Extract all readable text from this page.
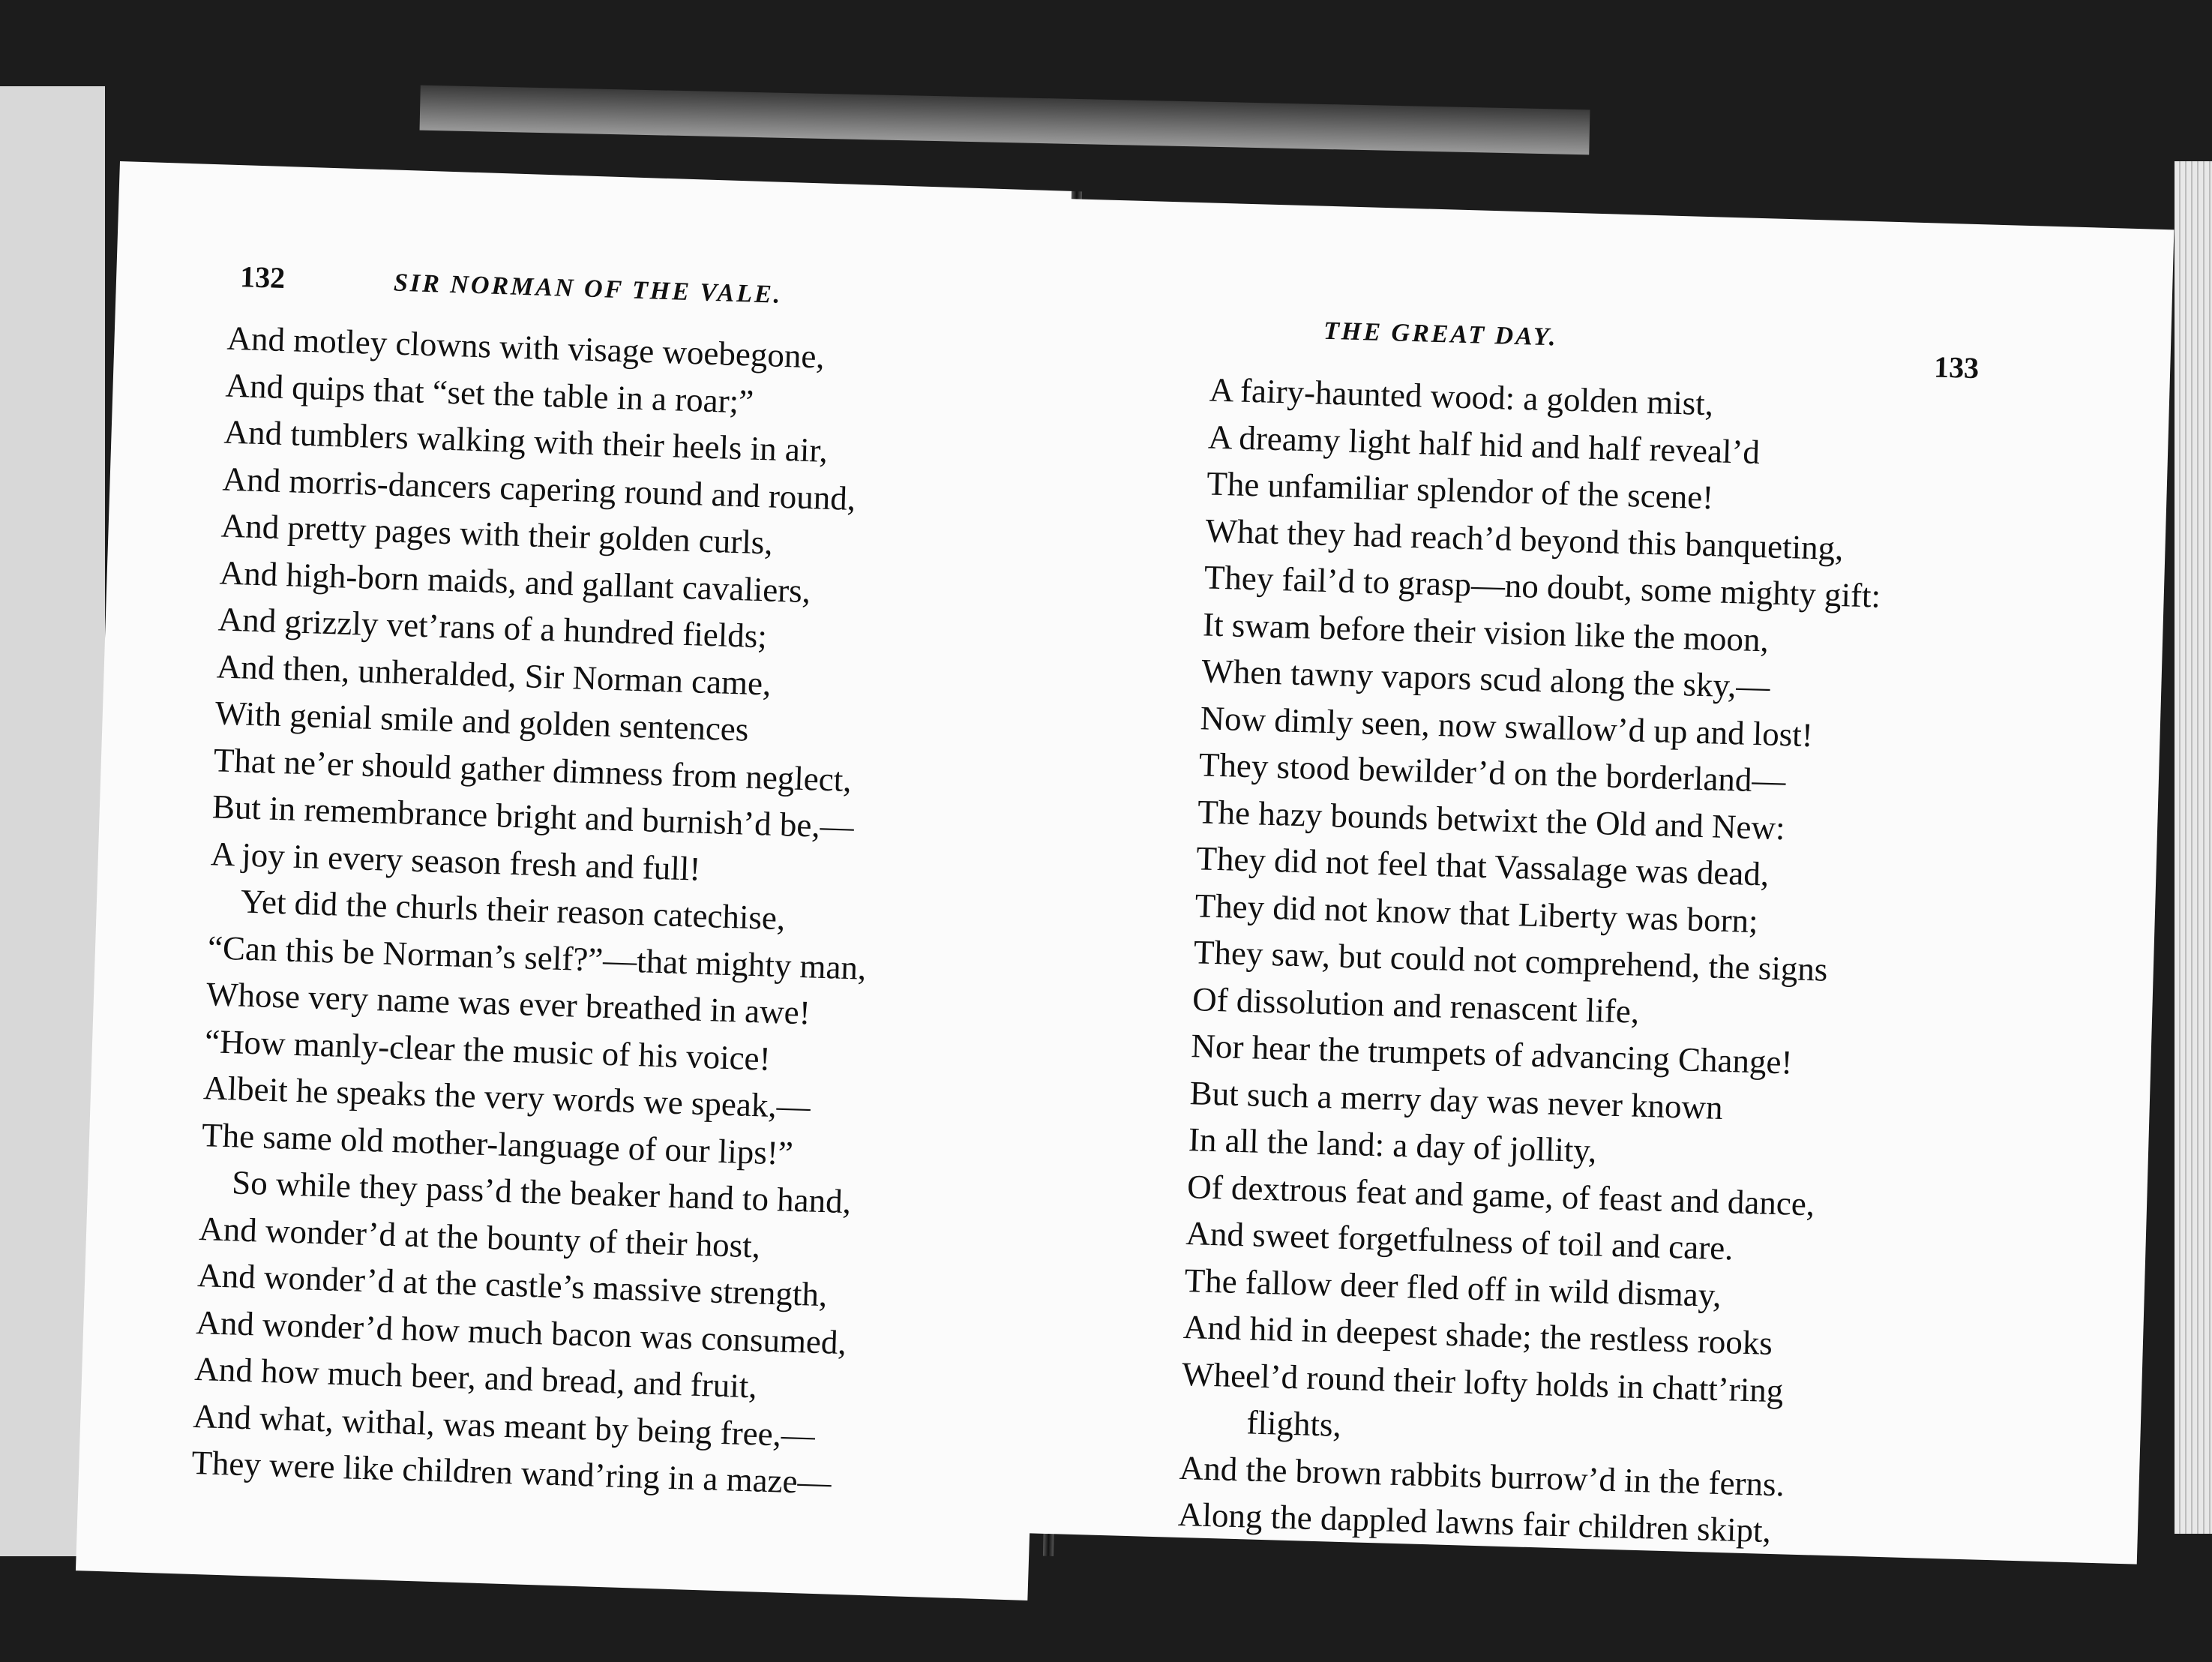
132	SIR NORMAN OF THE VALE.
And motley clowns with visage woebegone,
And quips that “set the table in a roar;”
And tumblers walking with their heels in air,
And morris-dancers capering round and round,
And pretty pages with their golden curls,
And high-born maids, and gallant cavaliers,
And grizzly vet’rans of a hundred fields;
And then, unheralded, Sir Norman came,
With genial smile and golden sentences
That ne’er should gather dimness from neglect,
But in remembrance bright and burnish’d be,—
A joy in every season fresh and full!
Yet did the churls their reason catechise,
“Can this be Norman’s self?”—that mighty man,
Whose very name was ever breathed in awe!
“How manly-clear the music of his voice!
Albeit he speaks the very words we speak,—
The same old mother-language of our lips!”
So while they pass’d the beaker hand to hand,
And wonder’d at the bounty of their host,
And wonder’d at the castle’s massive strength,
And wonder’d how much bacon was consumed,
And how much beer, and bread, and fruit,
And what, withal, was meant by being free,—
They were like children wand’ring in a maze—
THE GREAT DAY.
133
A fairy-haunted wood: a golden mist,
A dreamy light half hid and half reveal’d
The unfamiliar splendor of the scene!
What they had reach’d beyond this banqueting,
They fail’d to grasp—no doubt, some mighty gift:
It swam before their vision like the moon,
When tawny vapors scud along the sky,—
Now dimly seen, now swallow’d up and lost!
They stood bewilder’d on the borderland—
The hazy bounds betwixt the Old and New:
They did not feel that Vassalage was dead,
They did not know that Liberty was born;
They saw, but could not comprehend, the signs
Of dissolution and renascent life,
Nor hear the trumpets of advancing Change!
But such a merry day was never known
In all the land: a day of jollity,
Of dextrous feat and game, of feast and dance,
And sweet forgetfulness of toil and care.
The fallow deer fled off in wild dismay,
And hid in deepest shade; the restless rooks
Wheel’d round their lofty holds in chatt’ring
flights,
And the brown rabbits burrow’d in the ferns.
Along the dappled lawns fair children skipt,
